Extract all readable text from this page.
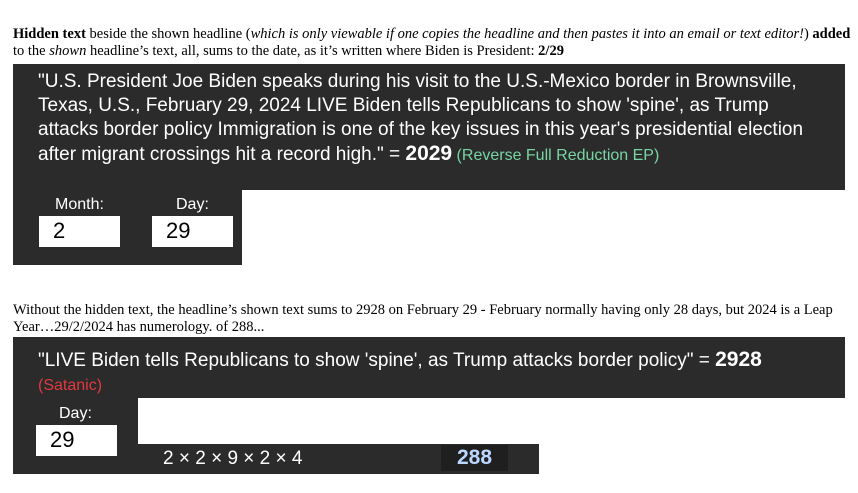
Hidden text beside the shown headline (which is only viewable if one copies the headline and then pastes it into an email or text editor!) added to the shown headline’s text, all, sums to the date, as it’s written where Biden is President: 2/29
"U.S. President Joe Biden speaks during his visit to the U.S.-Mexico border in Brownsville, Texas, U.S., February 29, 2024 LIVE Biden tells Republicans to show 'spine', as Trump attacks border policy Immigration is one of the key issues in this year's presidential election after migrant crossings hit a record high." = 2029 (Reverse Full Reduction EP)
Month:
2
Day:
29
Without the hidden text, the headline’s shown text sums to 2928 on February 29 - February normally having only 28 days, but 2024 is a Leap Year…29/2/2024 has numerology. of 288...
"LIVE Biden tells Republicans to show 'spine', as Trump attacks border policy" = 2928
(Satanic)
Day:
29
2 × 2 × 9 × 2 × 4	288
